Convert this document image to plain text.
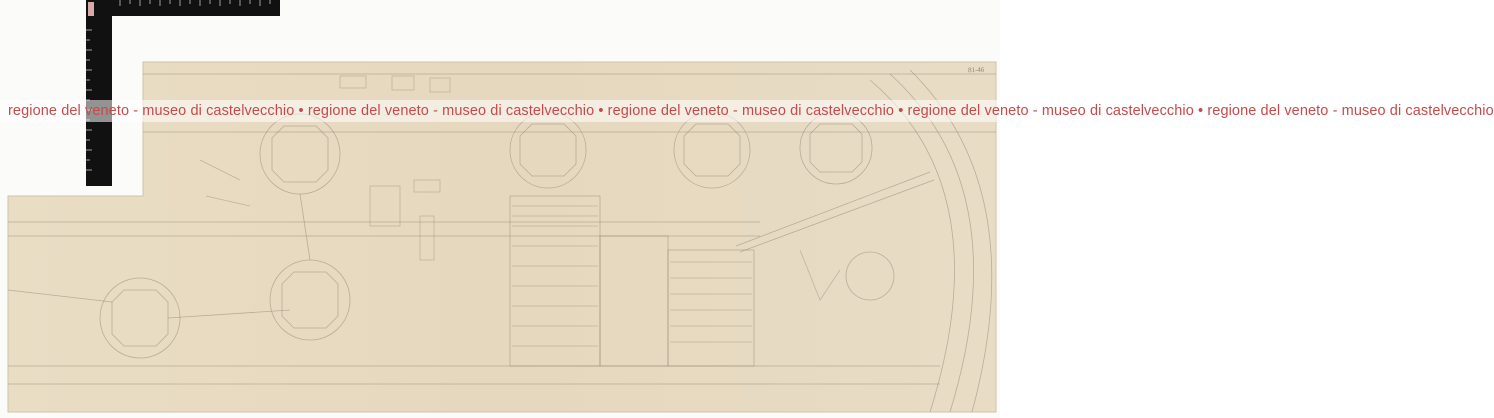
81-46
regione del veneto - museo di castelvecchio • regione del veneto - museo di castelvecchio • regione del veneto - museo di castelvecchio • regione del veneto - museo di castelvecchio • regione del veneto - museo di castelvecchio
